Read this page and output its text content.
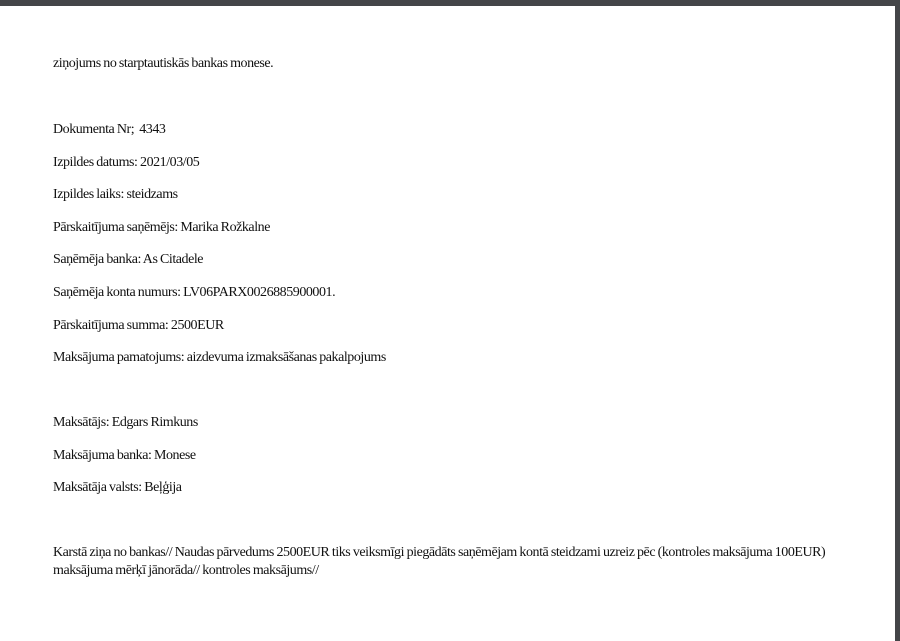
ziņojums no starptautiskās bankas monese.
Dokumenta Nr; 4343
Izpildes datums: 2021/03/05
Izpildes laiks: steidzams
Pārskaitījuma saņēmējs: Marika Rožkalne
Saņēmēja banka: As Citadele
Saņēmēja konta numurs: LV06PARX0026885900001.
Pārskaitījuma summa: 2500EUR
Maksājuma pamatojums: aizdevuma izmaksāšanas pakalpojums
Maksātājs: Edgars Rimkuns
Maksājuma banka: Monese
Maksātāja valsts: Beļģija
Karstā ziņa no bankas// Naudas pārvedums 2500EUR tiks veiksmīgi piegādāts saņēmējam kontā steidzami uzreiz pēc (kontroles maksājuma 100EUR) maksājuma mērķī jānorāda// kontroles maksājums//
